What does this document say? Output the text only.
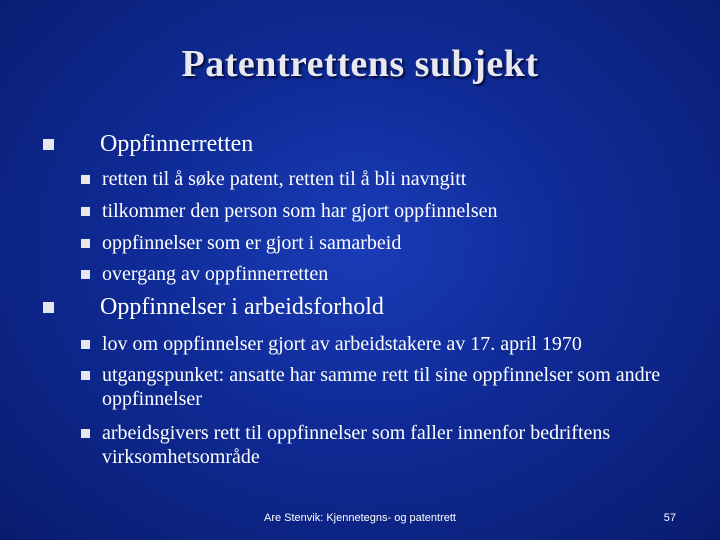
Patentrettens subjekt
Oppfinnerretten
retten til å søke patent, retten til å bli navngitt
tilkommer den person som har gjort oppfinnelsen
oppfinnelser som er gjort i samarbeid
overgang av oppfinnerretten
Oppfinnelser i arbeidsforhold
lov om oppfinnelser gjort av arbeidstakere av 17. april 1970
utgangspunket: ansatte har samme rett til sine oppfinnelser som andre oppfinnelser
arbeidsgivers rett til oppfinnelser som faller innenfor bedriftens virksomhetsområde
Are Stenvik: Kjennetegns- og patentrett	57
